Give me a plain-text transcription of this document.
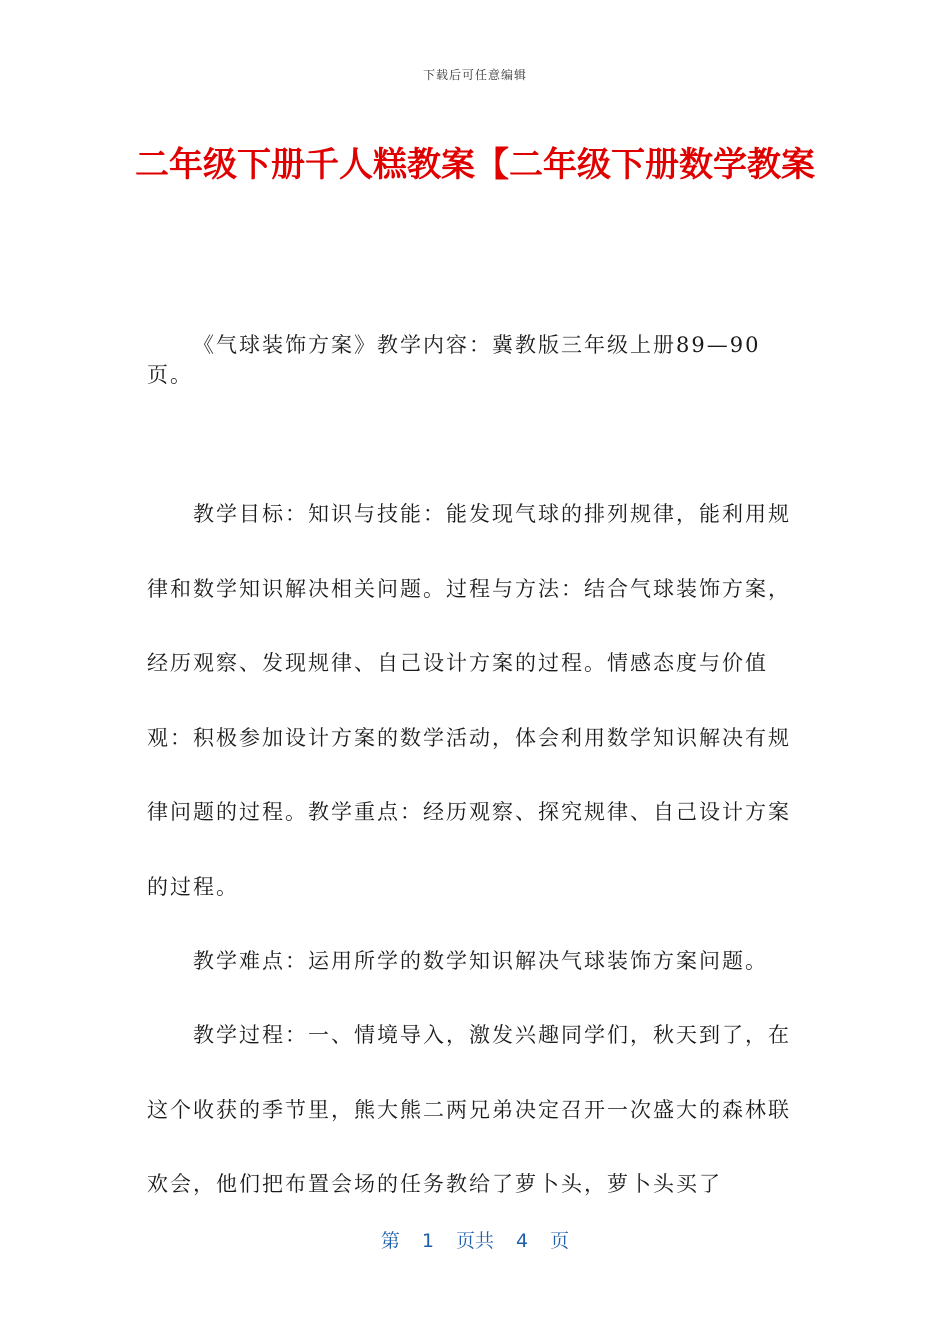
下载后可任意编辑
二年级下册千人糕教案【二年级下册数学教案

《气球装饰方案》教学内容：冀教版三年级上册89—90页。

教学目标：知识与技能：能发现气球的排列规律，能利用规律和数学知识解决相关问题。过程与方法：结合气球装饰方案，经历观察、发现规律、自己设计方案的过程。情感态度与价值观：积极参加设计方案的数学活动，体会利用数学知识解决有规律问题的过程。教学重点：经历观察、探究规律、自己设计方案的过程。

教学难点：运用所学的数学知识解决气球装饰方案问题。

教学过程：一、情境导入，激发兴趣同学们，秋天到了，在这个收获的季节里，熊大熊二两兄弟决定召开一次盛大的森林联欢会，他们把布置会场的任务教给了萝卜头，萝卜头买了

第 1 页共 4 页
